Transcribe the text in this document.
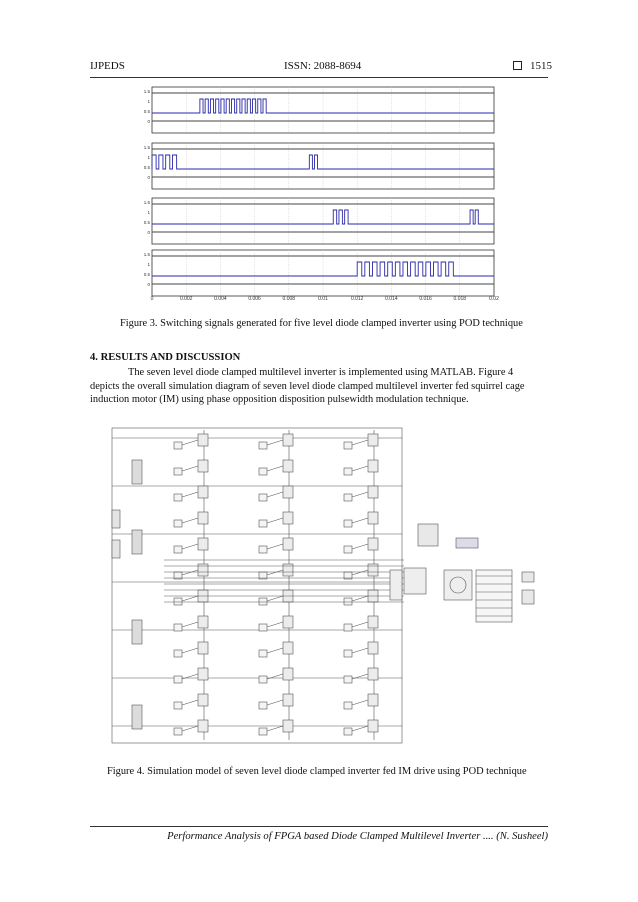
IJPEDS	ISSN: 2088-8694	1515
1.5
1
0.5
0
1.5
1
0.5
0
1.5
1
0.5
0
1.5
1
0.5
0
0	0.002	0.004	0.006	0.008	0.01	0.012	0.014	0.016	0.018	0.02
Figure 3. Switching signals generated for five level diode clamped inverter using POD technique
4. RESULTS AND DISCUSSION

The seven level diode clamped multilevel inverter is implemented using MATLAB. Figure 4

depicts the overall simulation diagram of seven level diode clamped multilevel inverter fed squirrel cage

induction motor (IM) using phase opposition disposition pulsewidth modulation technique.

Figure 4. Simulation model of seven level diode clamped inverter fed IM drive using POD technique
Performance Analysis of FPGA based Diode Clamped Multilevel Inverter .... (N. Susheel)
